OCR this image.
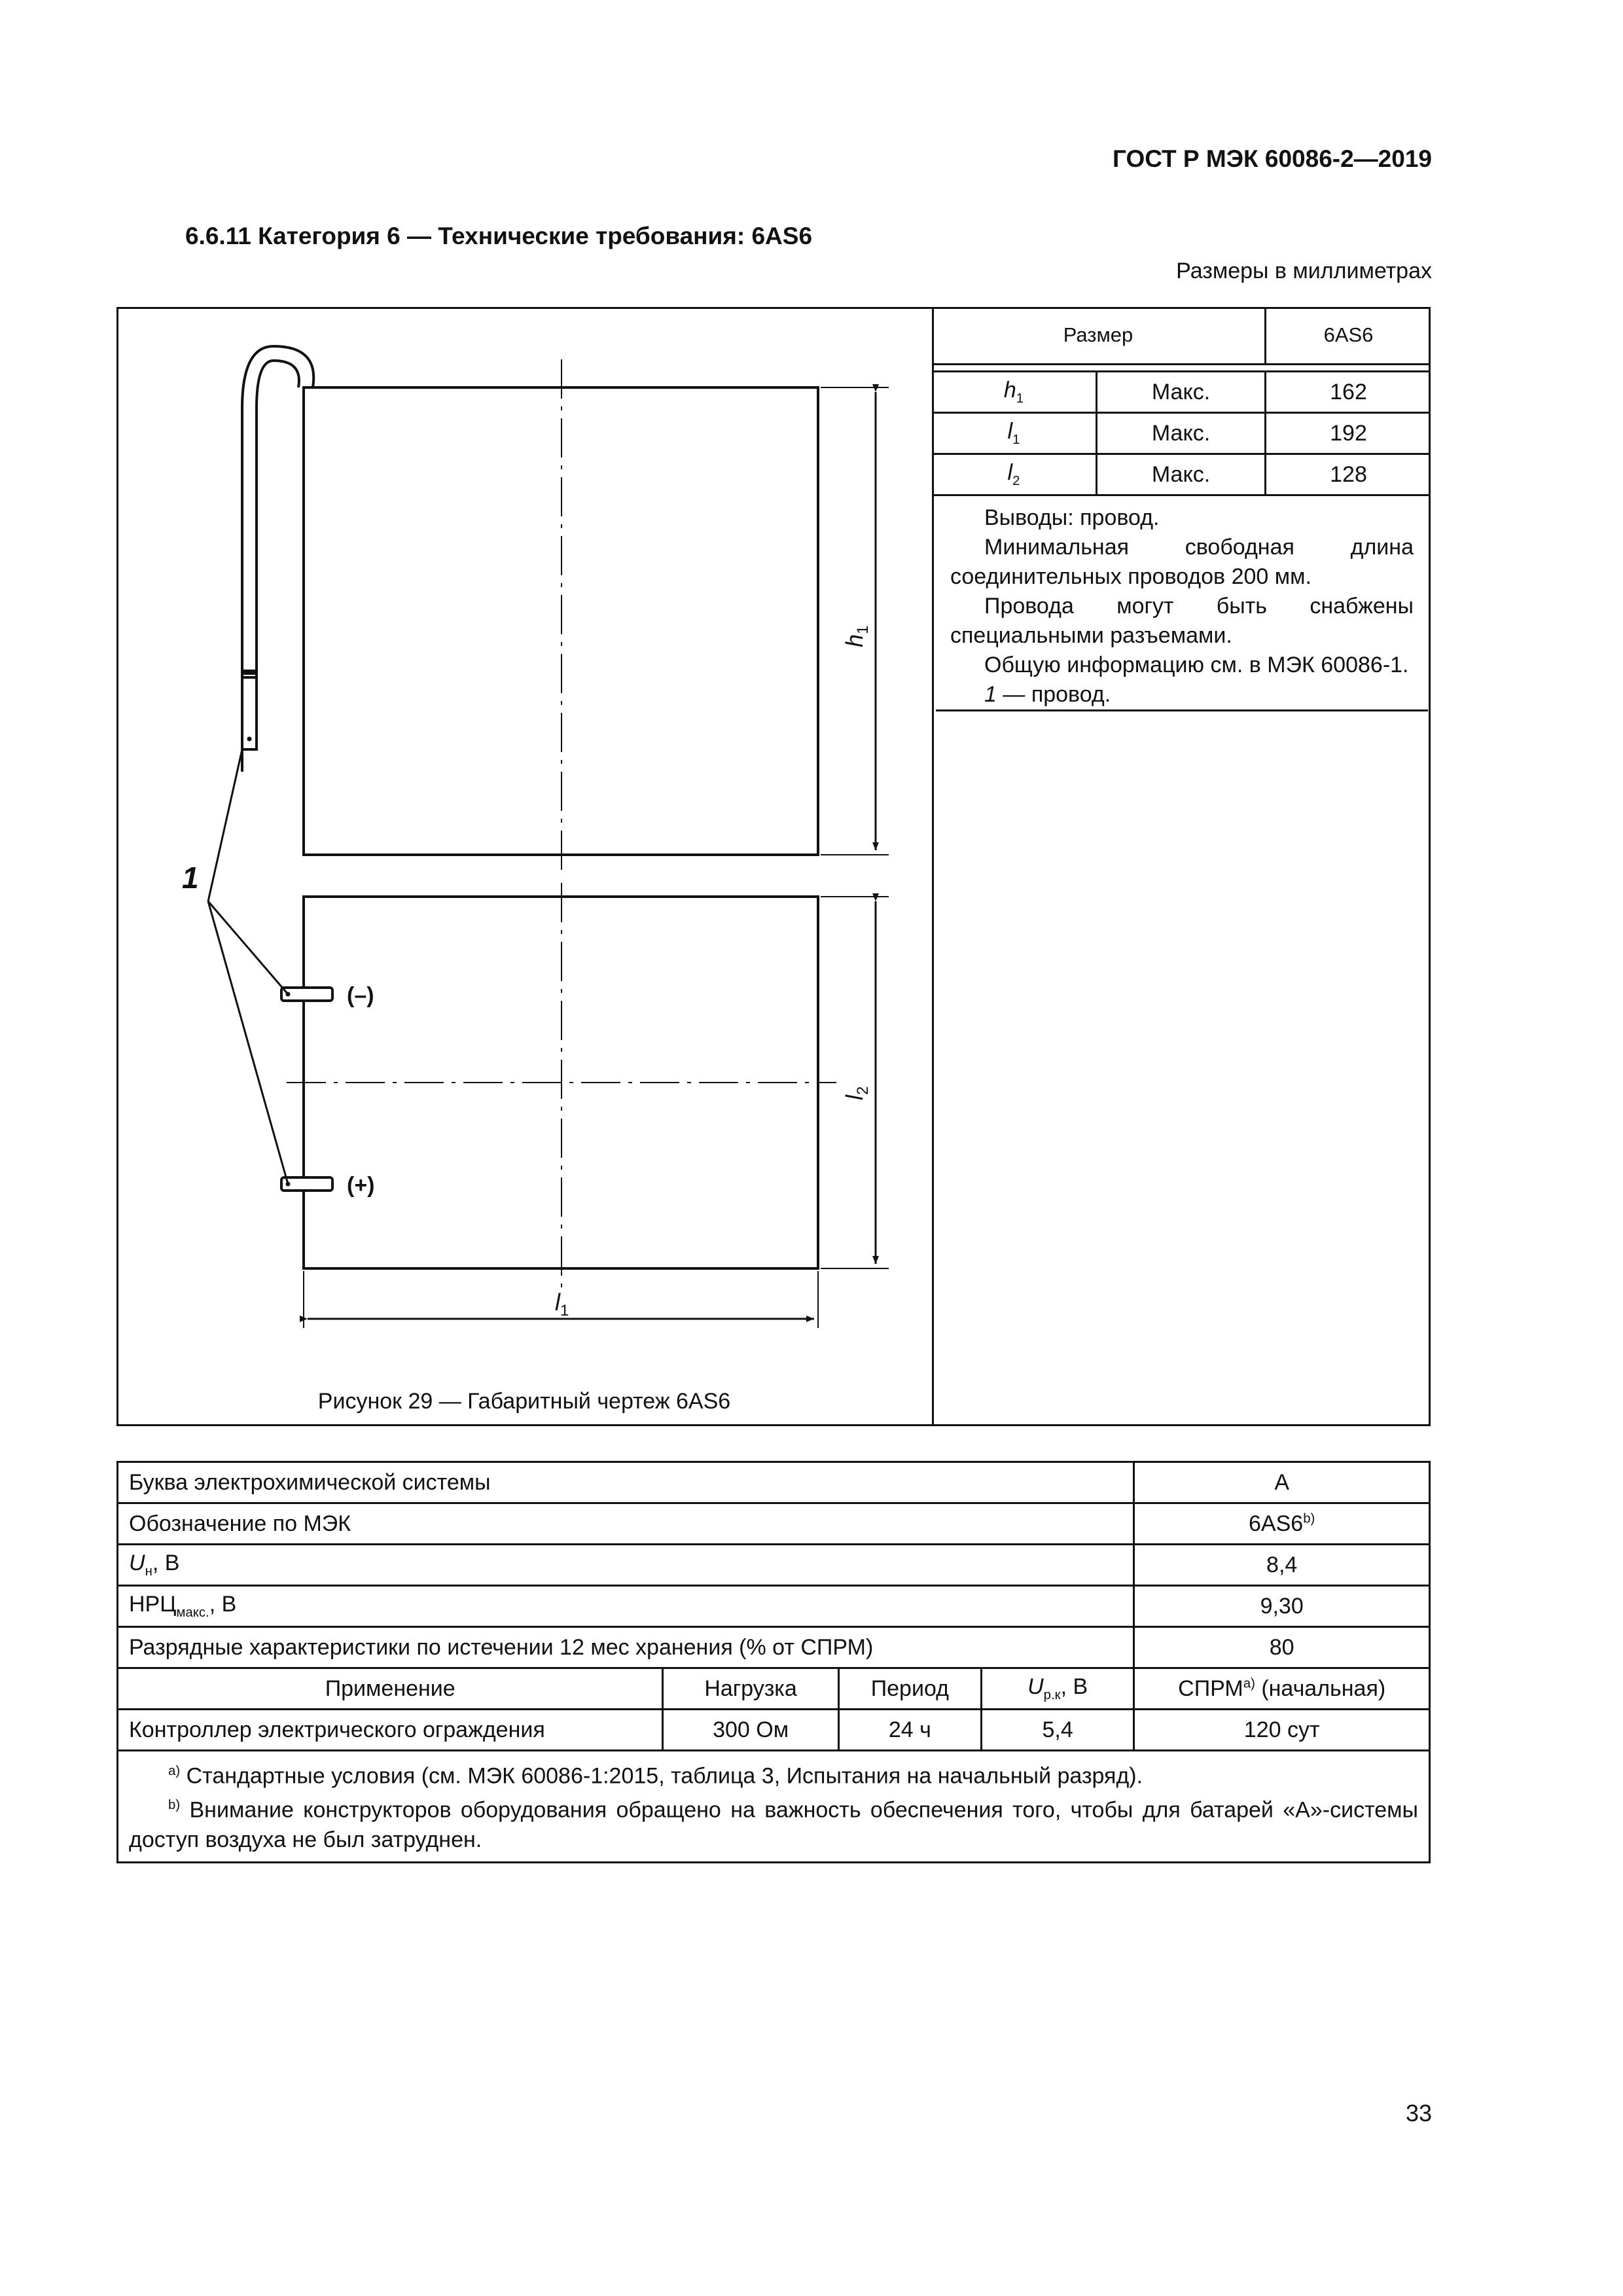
ГОСТ Р МЭК 60086-2—2019
6.6.11 Категория 6 — Технические требования: 6AS6
Размеры в миллиметрах
1
(–)
(+)
$h_1$
$l_2$
$l_1$
Рисунок 29 — Габаритный чертеж 6AS6
Размер		6AS6

$h_1$	Макс.	162
$l_1$	Макс.	192
$l_2$	Макс.	128

Выводы: провод.

Минимальная свободная длина соединительных проводов 200 мм.

Провода могут быть снабжены специальными разъемами.

Общую информацию см. в МЭК 60086-1.

1 — провод.

Буква электрохимической системы				A
Обозначение по МЭК				6AS6$^{b)}$
$U_н$, В				8,4
$НРЦ_{макс.}$, В				9,30
Разрядные характеристики по истечении 12 мес хранения (% от СПРМ)				80
Применение	Нагрузка	Период	$U_{р.к}$, В	СПРМ$^{a)}$ (начальная)
Контроллер электрического ограждения	300 Ом	24 ч	5,4	120 сут

$^{a)}$ Стандартные условия (см. МЭК 60086-1:2015, таблица 3, Испытания на начальный разряд).

$^{b)}$ Внимание конструкторов оборудования обращено на важность обеспечения того, чтобы для батарей «А»-системы доступ воздуха не был затруднен.				

33
